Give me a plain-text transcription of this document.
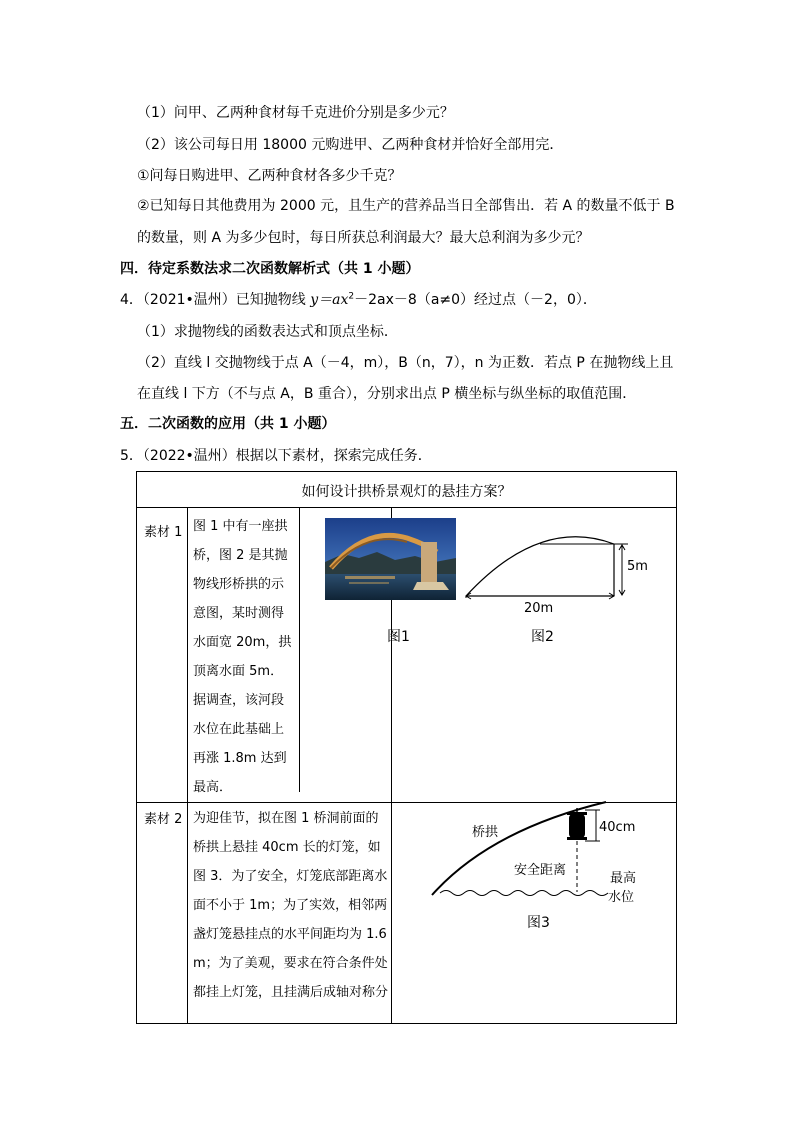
（1）问甲、乙两种食材每千克进价分别是多少元？
（2）该公司每日用 18000 元购进甲、乙两种食材并恰好全部用完．
①问每日购进甲、乙两种食材各多少千克？
②已知每日其他费用为 2000 元，且生产的营养品当日全部售出．若 A 的数量不低于 B
的数量，则 A 为多少包时，每日所获总利润最大？最大总利润为多少元？
四．待定系数法求二次函数解析式（共 1 小题）
4．（2021•温州）已知抛物线 $y=ax^2-2ax-8(a\ne 0)$经过点（－2，0）．
（1）求抛物线的函数表达式和顶点坐标．
（2）直线 l 交抛物线于点 A（－4，m），B（n，7），n 为正数．若点 P 在抛物线上且
在直线 l 下方（不与点 A，B 重合），分别求出点 P 横坐标与纵坐标的取值范围．
五．二次函数的应用（共 1 小题）
5．（2022•温州）根据以下素材，探索完成任务．
如何设计拱桥景观灯的悬挂方案？		

素材 1	图 1 中有一座拱桥，图 2 是其抛物线形桥拱的示意图，某时测得水面宽 20m，拱顶离水面 5m．据调查，该河段水位在此基础上再涨 1.8m 达到最高．	

素材 2	为迎佳节，拟在图 1 桥洞前面的桥拱上悬挂 40cm 长的灯笼，如图 3．为了安全，灯笼底部距离水面不小于 1m；为了实效，相邻两盏灯笼悬挂点的水平间距均为 1.6m；为了美观，要求在符合条件处都挂上灯笼，且挂满后成轴对称分	

图1
5m
20m
图2
桥拱	40cm
安全距离
最高
水位
图3
